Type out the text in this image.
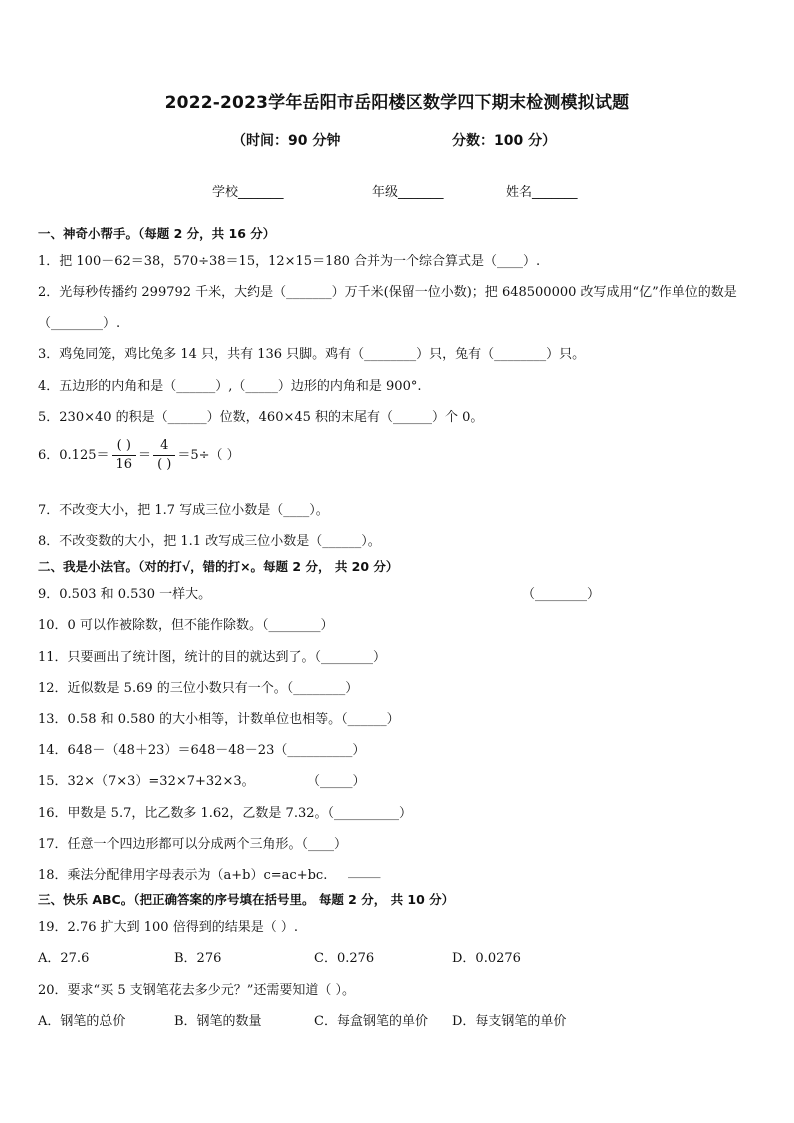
2022-2023学年岳阳市岳阳楼区数学四下期末检测模拟试题
（时间：90 分钟	分数：100 分）
学校_______	年级_______	姓名_______
一、神奇小帮手。（每题 2 分，共 16 分）
1．把 100－62＝38，570÷38＝15，12×15＝180 合并为一个综合算式是（____）.
2．光每秒传播约 299792 千米，大约是（_______）万千米(保留一位小数)；把 648500000 改写成用“亿”作单位的数是
（________）.
3．鸡兔同笼，鸡比兔多 14 只，共有 136 只脚。鸡有（________）只，兔有（________）只。
4．五边形的内角和是（______）,（_____）边形的内角和是 900°.
5．230×40 的积是（______）位数，460×45 积的末尾有（______）个 0。
6．$0.125= \frac{( )}{16} = \frac{4}{( )} =5\div$（ ）
7．不改变大小，把 1.7 写成三位小数是（____）。
8．不改变数的大小，把 1.1 改写成三位小数是（______）。
二、我是小法官。（对的打√，错的打×。每题 2 分， 共 20 分）
9．0.503 和 0.530 一样大。	（________）
10．0 可以作被除数，但不能作除数。（________）
11．只要画出了统计图，统计的目的就达到了。（________）
12．近似数是 5.69 的三位小数只有一个。（________）
13．0.58 和 0.580 的大小相等，计数单位也相等。（______）
14．648－（48＋23）＝648－48－23（__________）
15．32×（7×3）=32×7+32×3。	（_____）
16．甲数是 5.7，比乙数多 1.62，乙数是 7.32。（__________）
17．任意一个四边形都可以分成两个三角形。（____）
18．乘法分配律用字母表示为（a+b）c=ac+bc. _____
三、快乐 ABC。（把正确答案的序号填在括号里。 每题 2 分， 共 10 分）
19．2.76 扩大到 100 倍得到的结果是（ ）.
A．27.6	B．276	C．0.276	D．0.0276
20．要求“买 5 支钢笔花去多少元？”还需要知道（ ）。
A．钢笔的总价	B．钢笔的数量	C．每盒钢笔的单价 D．每支钢笔的单价
